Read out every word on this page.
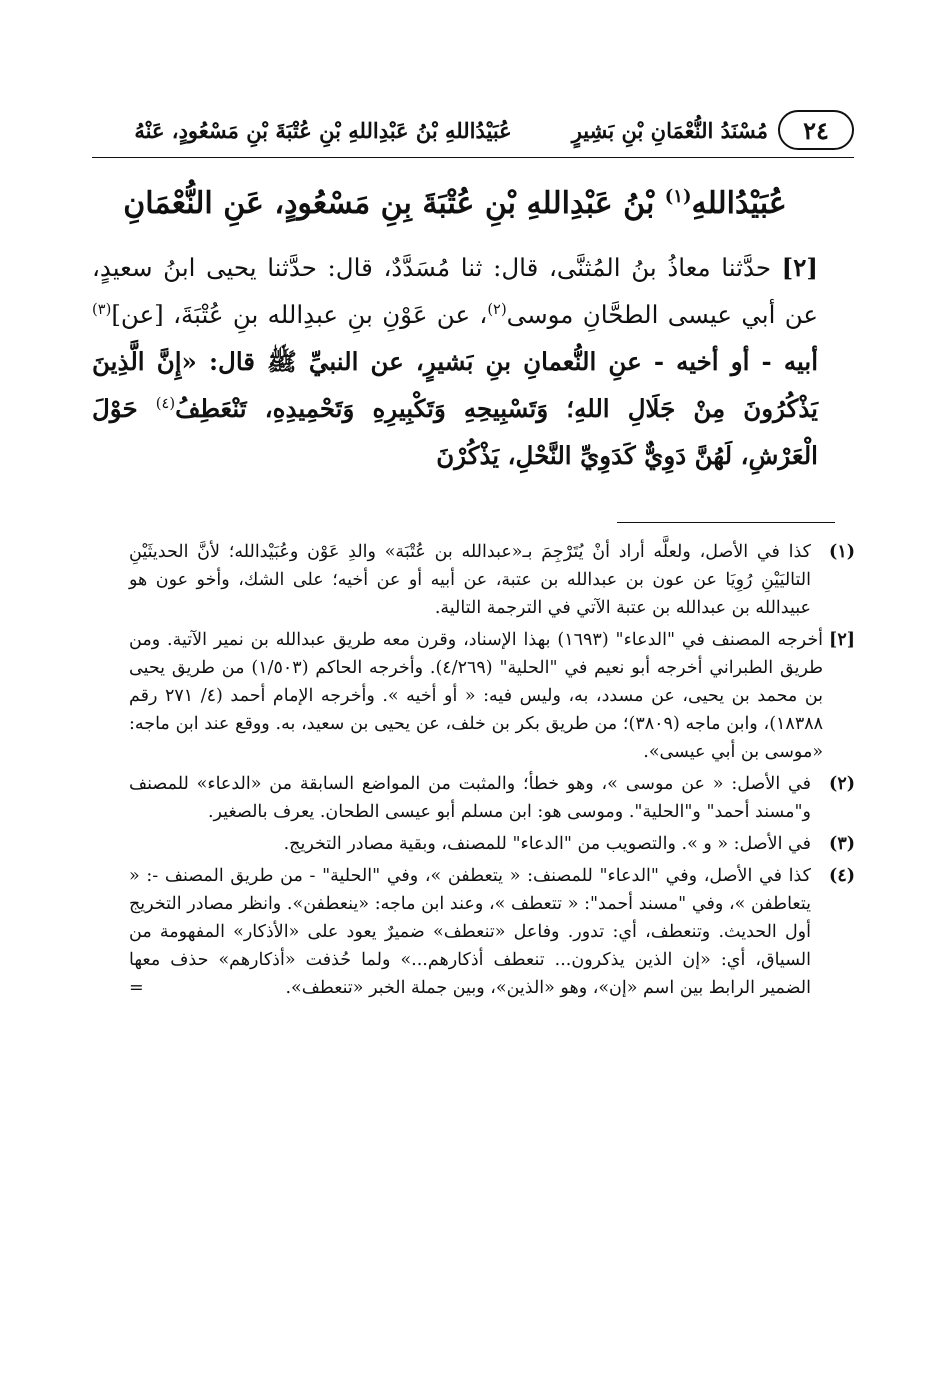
٢٤
مُسْنَدُ النُّعْمَانِ بْنِ بَشِيرٍ
عُبَيْدُاللهِ بْنُ عَبْدِاللهِ بْنِ عُتْبَةَ بْنِ مَسْعُودٍ، عَنْهُ
عُبَيْدُاللهِ$^{(١)}$ بْنُ عَبْدِاللهِ بْنِ عُتْبَةَ بِنِ مَسْعُودٍ، عَنِ النُّعْمَانِ

[٢] حدَّثنا معاذُ بنُ المُثنَّى، قال: ثنا مُسَدَّدٌ، قال: حدَّثنا يحيى ابنُ سعيدٍ، عن أبي عيسى الطحَّانِ موسى$^{(٢)}$، عن عَوْنِ بنِ عبدِالله بنِ عُتْبَةَ، [عن]$^{(٣)}$ أبيه - أو أخيه - عنِ النُّعمانِ بنِ بَشيرٍ، عن النبيِّ ﷺ قال: «إِنَّ الَّذِينَ يَذْكُرُونَ مِنْ جَلَالِ اللهِ؛ وَتَسْبِيحِهِ وَتَكْبِيرِهِ وَتَحْمِيدِهِ، تَنْعَطِفُ$^{(٤)}$ حَوْلَ الْعَرْشِ، لَهُنَّ دَوِيٌّ كَدَوِيِّ النَّحْلِ، يَذْكُرْنَ

(١)
كذا في الأصل، ولعلَّه أراد أنْ يُتَرْجِمَ بـ«عبدالله بن عُتْبَة» والدِ عَوْن وعُبَيْدالله؛ لأنَّ الحديثَيْنِ التاليَيْنِ رُوِيَا عن عون بن عبدالله بن عتبة، عن أبيه أو عن أخيه؛ على الشك، وأخو عون هو عبيدالله بن عبدالله بن عتبة الآتي في الترجمة التالية.
[٢]
أخرجه المصنف في "الدعاء" (١٦٩٣) بهذا الإسناد، وقرن معه طريق عبدالله بن نمير الآتية. ومن طريق الطبراني أخرجه أبو نعيم في "الحلية" (٤/٢٦٩). وأخرجه الحاكم (١/٥٠٣) من طريق يحيى بن محمد بن يحيى، عن مسدد، به، وليس فيه: « أو أخيه ». وأخرجه الإمام أحمد (٤/ ٢٧١ رقم ١٨٣٨٨)، وابن ماجه (٣٨٠٩)؛ من طريق بكر بن خلف، عن يحيى بن سعيد، به. ووقع عند ابن ماجه: «موسى بن أبي عيسى».
(٢)
في الأصل: « عن موسى »، وهو خطأ؛ والمثبت من المواضع السابقة من «الدعاء» للمصنف و"مسند أحمد" و"الحلية". وموسى هو: ابن مسلم أبو عيسى الطحان. يعرف بالصغير.
(٣)
في الأصل: « و ». والتصويب من "الدعاء" للمصنف، وبقية مصادر التخريج.
(٤)
كذا في الأصل، وفي "الدعاء" للمصنف: « يتعطفن »، وفي "الحلية" - من طريق المصنف -: « يتعاطفن »، وفي "مسند أحمد": « تتعطف »، وعند ابن ماجه: «ينعطفن». وانظر مصادر التخريج أول الحديث. وتنعطف، أي: تدور. وفاعل «تنعطف» ضميرٌ يعود على «الأذكار» المفهومة من السياق، أي: «إن الذين يذكرون... تنعطف أذكارهم...» ولما حُذفت «أذكارهم» حذف معها الضمير الرابط بين اسم «إن»، وهو «الذين»، وبين جملة الخبر «تنعطف».
=
